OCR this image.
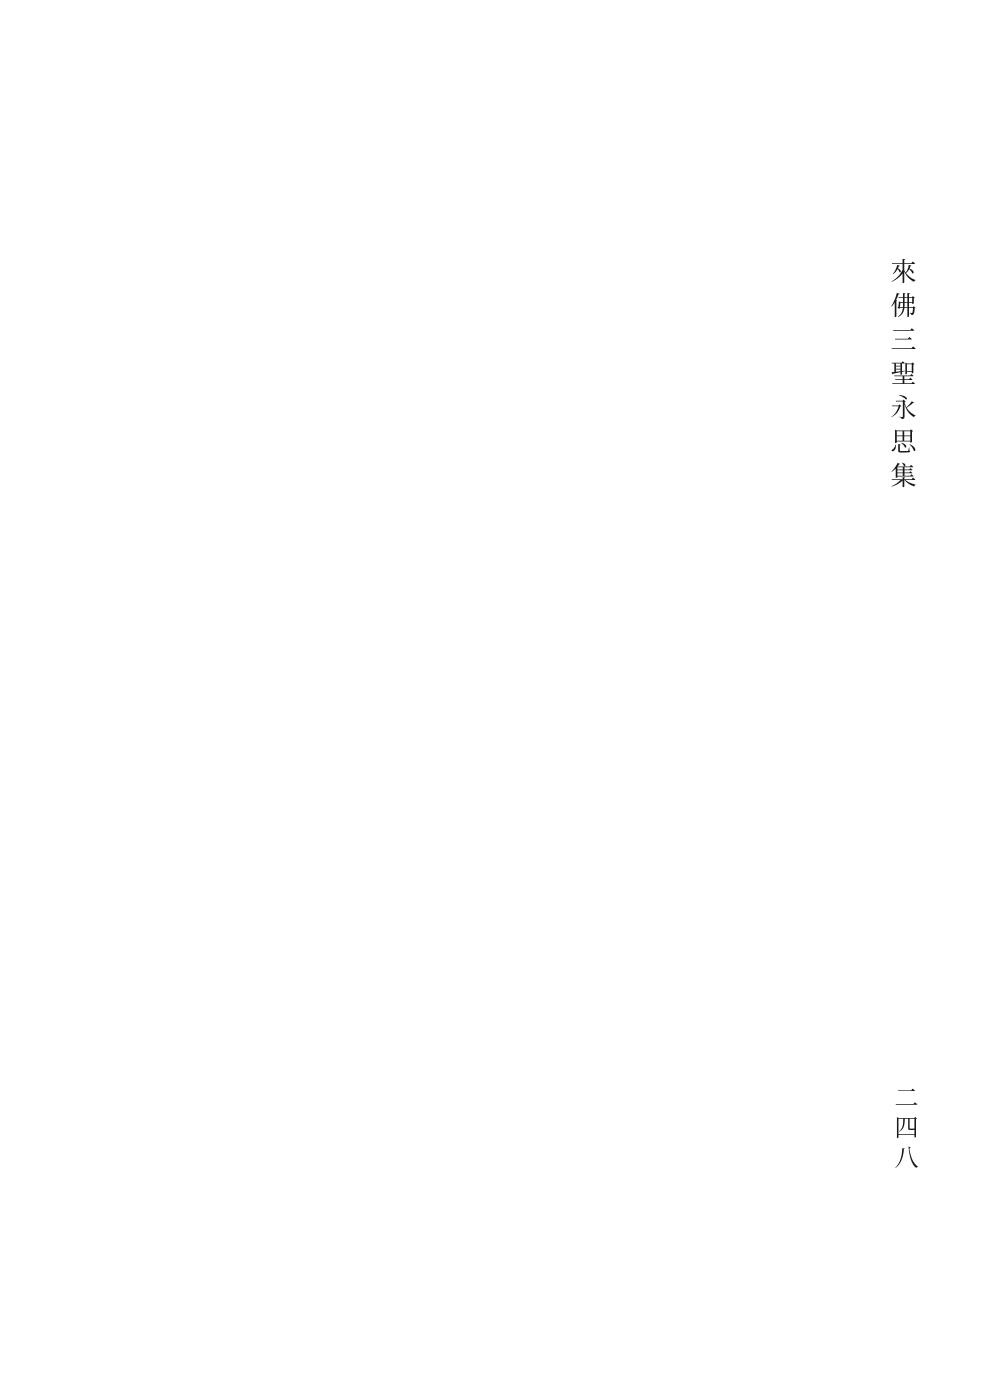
來佛三聖永思集
二四八
